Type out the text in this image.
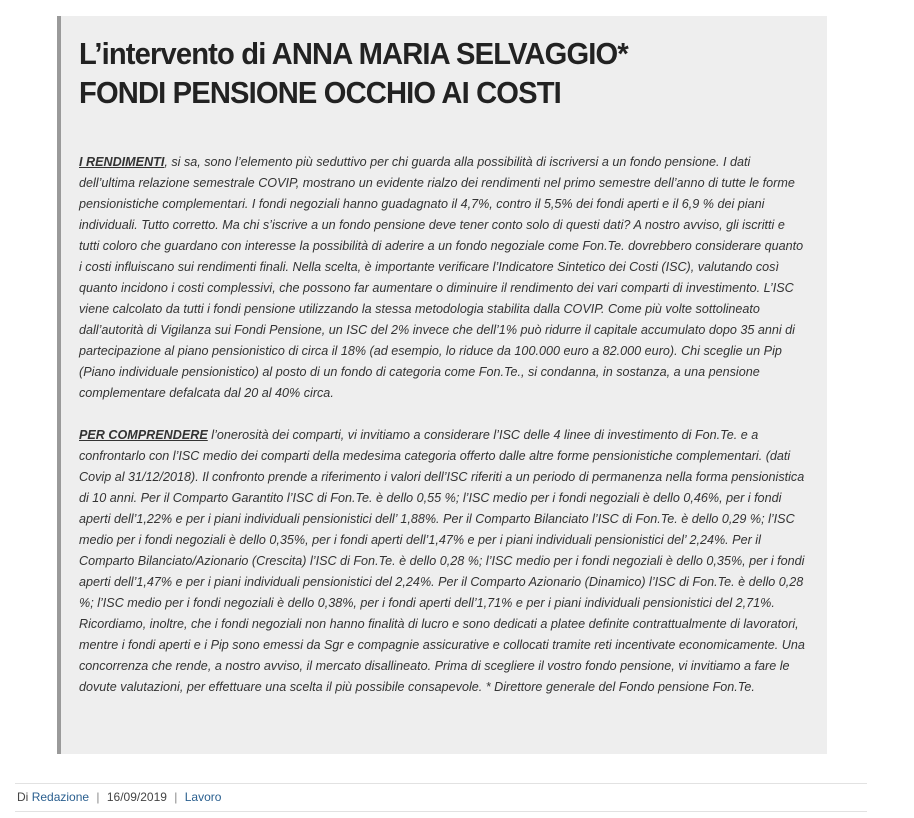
L’intervento di ANNA MARIA SELVAGGIO*
FONDI PENSIONE OCCHIO AI COSTI

I RENDIMENTI, si sa, sono l’elemento più seduttivo per chi guarda alla possibilità di iscriversi a un fondo pensione. I dati dell’ultima relazione semestrale COVIP, mostrano un evidente rialzo dei rendimenti nel primo semestre dell’anno di tutte le forme pensionistiche complementari. I fondi negoziali hanno guadagnato il 4,7%, contro il 5,5% dei fondi aperti e il 6,9 % dei piani individuali. Tutto corretto. Ma chi s’iscrive a un fondo pensione deve tener conto solo di questi dati? A nostro avviso, gli iscritti e tutti coloro che guardano con interesse la possibilità di aderire a un fondo negoziale come Fon.Te. dovrebbero considerare quanto i costi influiscano sui rendimenti finali. Nella scelta, è importante verificare l’Indicatore Sintetico dei Costi (ISC), valutando così quanto incidono i costi complessivi, che possono far aumentare o diminuire il rendimento dei vari comparti di investimento. L’ISC viene calcolato da tutti i fondi pensione utilizzando la stessa metodologia stabilita dalla COVIP. Come più volte sottolineato dall’autorità di Vigilanza sui Fondi Pensione, un ISC del 2% invece che dell’1% può ridurre il capitale accumulato dopo 35 anni di partecipazione al piano pensionistico di circa il 18% (ad esempio, lo riduce da 100.000 euro a 82.000 euro). Chi sceglie un Pip (Piano individuale pensionistico) al posto di un fondo di categoria come Fon.Te., si condanna, in sostanza, a una pensione complementare defalcata dal 20 al 40% circa.

PER COMPRENDERE l’onerosità dei comparti, vi invitiamo a considerare l’ISC delle 4 linee di investimento di Fon.Te. e a confrontarlo con l’ISC medio dei comparti della medesima categoria offerto dalle altre forme pensionistiche complementari. (dati Covip al 31/12/2018). Il confronto prende a riferimento i valori dell’ISC riferiti a un periodo di permanenza nella forma pensionistica di 10 anni. Per il Comparto Garantito l’ISC di Fon.Te. è dello 0,55 %; l’ISC medio per i fondi negoziali è dello 0,46%, per i fondi aperti dell’1,22% e per i piani individuali pensionistici dell’ 1,88%. Per il Comparto Bilanciato l’ISC di Fon.Te. è dello 0,29 %; l’ISC medio per i fondi negoziali è dello 0,35%, per i fondi aperti dell’1,47% e per i piani individuali pensionistici del’ 2,24%. Per il Comparto Bilanciato/Azionario (Crescita) l’ISC di Fon.Te. è dello 0,28 %; l’ISC medio per i fondi negoziali è dello 0,35%, per i fondi aperti dell’1,47% e per i piani individuali pensionistici del 2,24%. Per il Comparto Azionario (Dinamico) l’ISC di Fon.Te. è dello 0,28 %; l’ISC medio per i fondi negoziali è dello 0,38%, per i fondi aperti dell’1,71% e per i piani individuali pensionistici del 2,71%. Ricordiamo, inoltre, che i fondi negoziali non hanno finalità di lucro e sono dedicati a platee definite contrattualmente di lavoratori, mentre i fondi aperti e i Pip sono emessi da Sgr e compagnie assicurative e collocati tramite reti incentivate economicamente. Una concorrenza che rende, a nostro avviso, il mercato disallineato. Prima di scegliere il vostro fondo pensione, vi invitiamo a fare le dovute valutazioni, per effettuare una scelta il più possibile consapevole. * Direttore generale del Fondo pensione Fon.Te.

Di Redazione | 16/09/2019 | Lavoro
